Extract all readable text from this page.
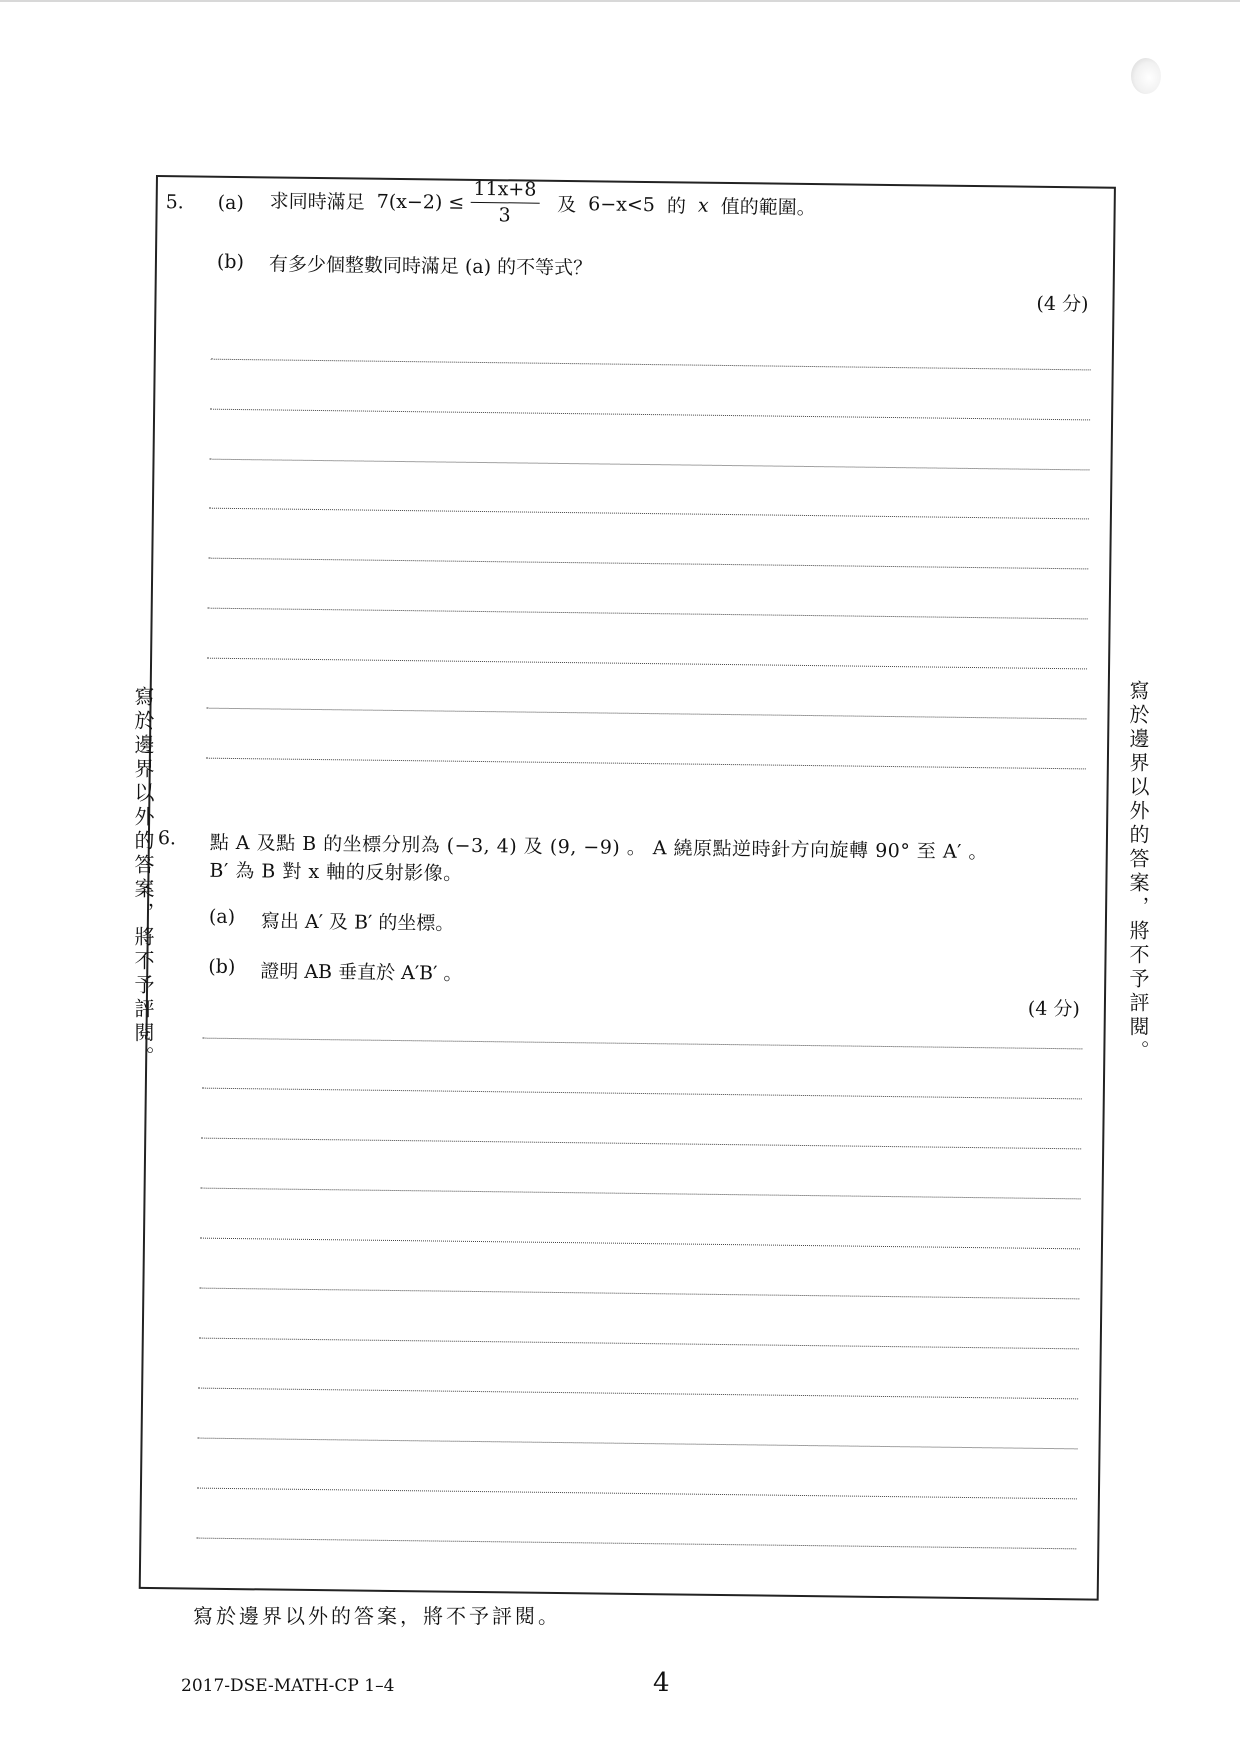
5. (a) 求同時滿足 $7(x-2) \le \frac{11x+8}{3}$ 及 6−x<5 的 x 值的範圍。
(b) 有多少個整數同時滿足 (a) 的不等式？
(4 分)
6. 點 A 及點 B 的坐標分別為 (−3, 4) 及 (9, −9) 。 A 繞原點逆時針方向旋轉 90° 至 A′ 。
B′ 為 B 對 x 軸的反射影像。
(a) 寫出 A′ 及 B′ 的坐標。
(b) 證明 AB 垂直於 A′B′ 。
(4 分)
寫於邊界以外的答案，將不予評閱。	寫於邊界以外的答案，將不予評閱。
寫於邊界以外的答案，將不予評閱。
2017-DSE-MATH-CP 1–4	4
